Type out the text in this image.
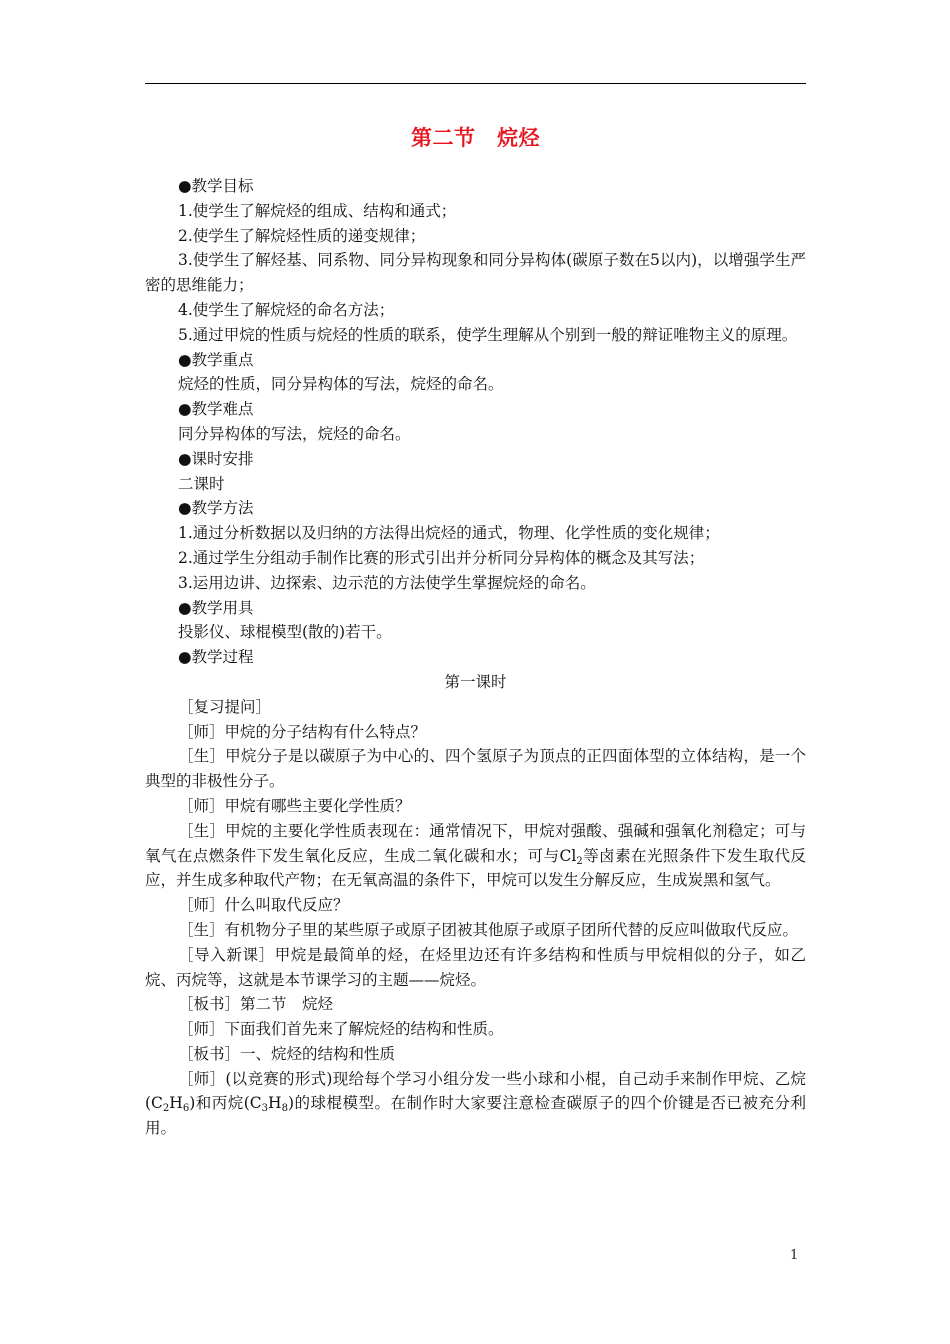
第二节　烷烃

●教学目标

1.使学生了解烷烃的组成、结构和通式；

2.使学生了解烷烃性质的递变规律；

3.使学生了解烃基、同系物、同分异构现象和同分异构体(碳原子数在5以内)，以增强学生严密的思维能力；

4.使学生了解烷烃的命名方法；

5.通过甲烷的性质与烷烃的性质的联系，使学生理解从个别到一般的辩证唯物主义的原理。

●教学重点

烷烃的性质，同分异构体的写法，烷烃的命名。

●教学难点

同分异构体的写法，烷烃的命名。

●课时安排

二课时

●教学方法

1.通过分析数据以及归纳的方法得出烷烃的通式，物理、化学性质的变化规律；

2.通过学生分组动手制作比赛的形式引出并分析同分异构体的概念及其写法；

3.运用边讲、边探索、边示范的方法使学生掌握烷烃的命名。

●教学用具

投影仪、球棍模型(散的)若干。

●教学过程

第一课时

［复习提问］

［师］甲烷的分子结构有什么特点？

［生］甲烷分子是以碳原子为中心的、四个氢原子为顶点的正四面体型的立体结构，是一个典型的非极性分子。

［师］甲烷有哪些主要化学性质？

［生］甲烷的主要化学性质表现在：通常情况下，甲烷对强酸、强碱和强氧化剂稳定；可与氧气在点燃条件下发生氧化反应，生成二氧化碳和水；可与$Cl_2$等卤素在光照条件下发生取代反应，并生成多种取代产物；在无氧高温的条件下，甲烷可以发生分解反应，生成炭黑和氢气。

［师］什么叫取代反应？

［生］有机物分子里的某些原子或原子团被其他原子或原子团所代替的反应叫做取代反应。

［导入新课］甲烷是最简单的烃，在烃里边还有许多结构和性质与甲烷相似的分子，如乙烷、丙烷等，这就是本节课学习的主题——烷烃。

［板书］第二节　烷烃

［师］下面我们首先来了解烷烃的结构和性质。

［板书］一、烷烃的结构和性质

［师］(以竞赛的形式)现给每个学习小组分发一些小球和小棍，自己动手来制作甲烷、乙烷$(C_2H_6)$和丙烷$(C_3H_8)$的球棍模型。在制作时大家要注意检查碳原子的四个价键是否已被充分利用。

1
